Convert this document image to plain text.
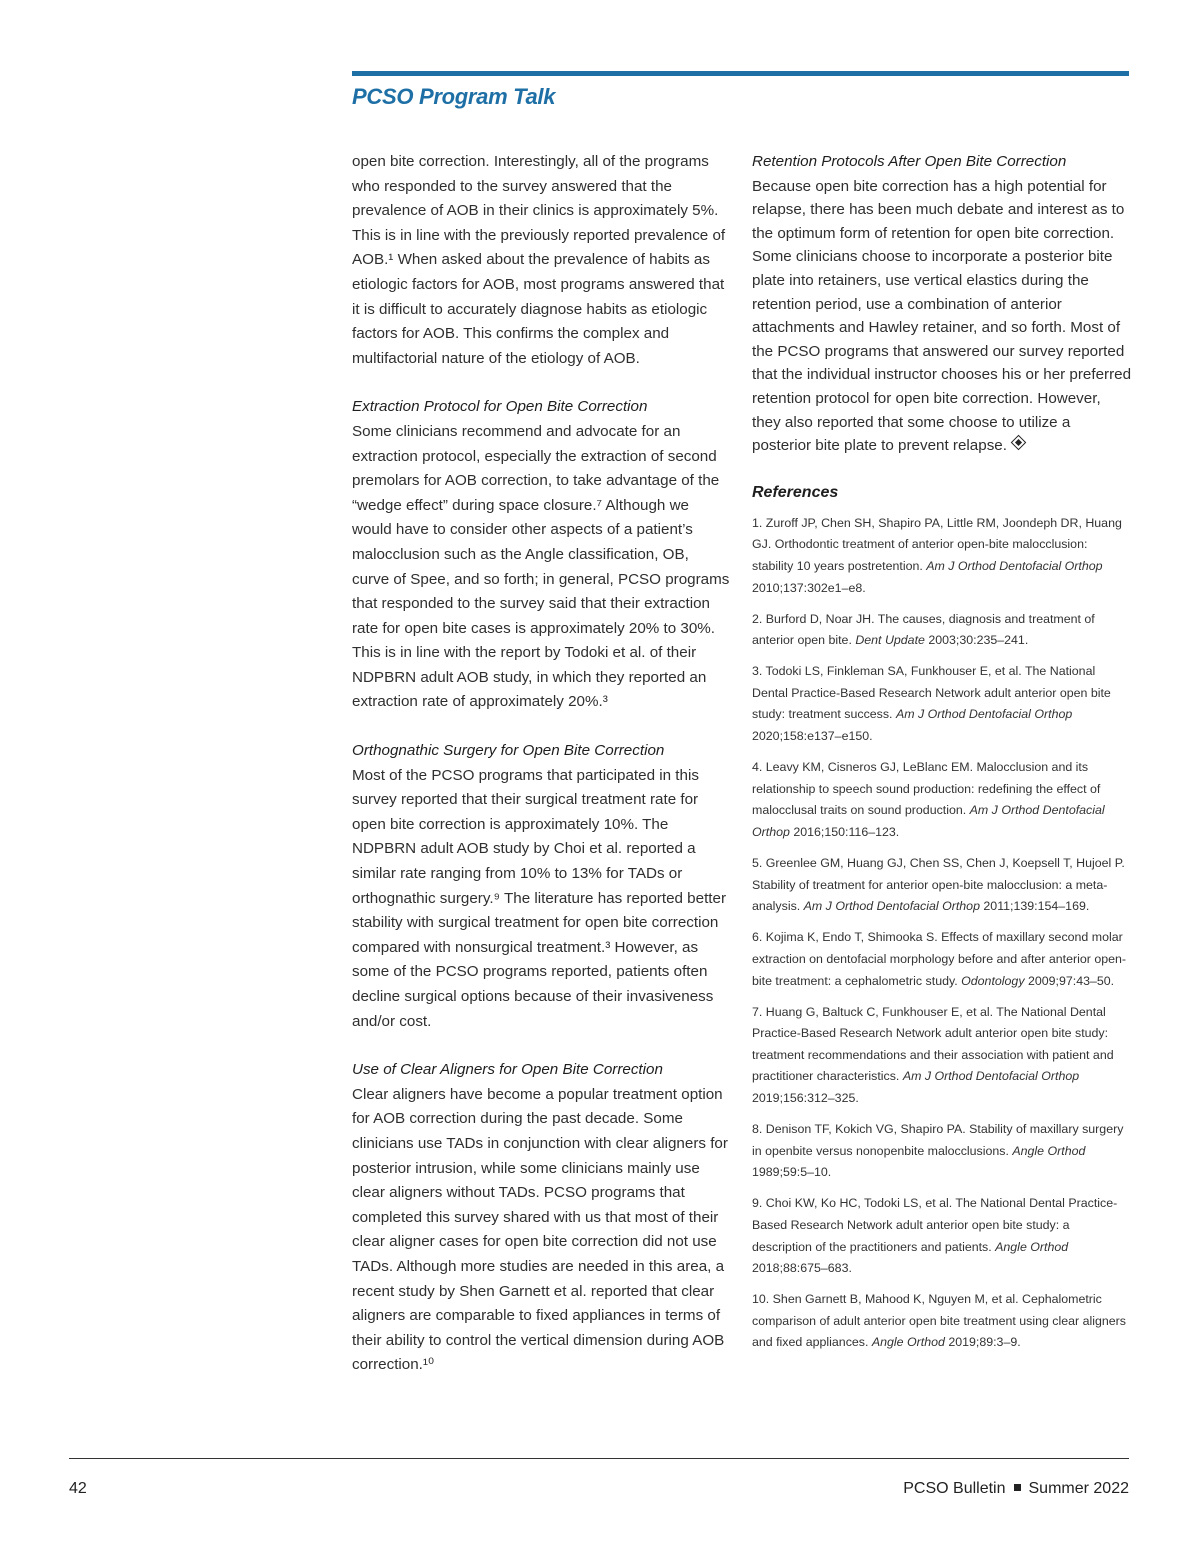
PCSO Program Talk

open bite correction. Interestingly, all of the programs who responded to the survey answered that the prevalence of AOB in their clinics is approximately 5%. This is in line with the previously reported prevalence of AOB.¹ When asked about the prevalence of habits as etiologic factors for AOB, most programs answered that it is difficult to accurately diagnose habits as etiologic factors for AOB. This confirms the complex and multifactorial nature of the etiology of AOB.

Extraction Protocol for Open Bite Correction

Some clinicians recommend and advocate for an extraction protocol, especially the extraction of second premolars for AOB correction, to take advantage of the “wedge effect” during space closure.⁷ Although we would have to consider other aspects of a patient’s malocclusion such as the Angle classification, OB, curve of Spee, and so forth; in general, PCSO programs that responded to the survey said that their extraction rate for open bite cases is approximately 20% to 30%. This is in line with the report by Todoki et al. of their NDPBRN adult AOB study, in which they reported an extraction rate of approximately 20%.³

Orthognathic Surgery for Open Bite Correction

Most of the PCSO programs that participated in this survey reported that their surgical treatment rate for open bite correction is approximately 10%. The NDPBRN adult AOB study by Choi et al. reported a similar rate ranging from 10% to 13% for TADs or orthognathic surgery.⁹ The literature has reported better stability with surgical treatment for open bite correction compared with nonsurgical treatment.³ However, as some of the PCSO programs reported, patients often decline surgical options because of their invasiveness and/or cost.

Use of Clear Aligners for Open Bite Correction

Clear aligners have become a popular treatment option for AOB correction during the past decade. Some clinicians use TADs in conjunction with clear aligners for posterior intrusion, while some clinicians mainly use clear aligners without TADs. PCSO programs that completed this survey shared with us that most of their clear aligner cases for open bite correction did not use TADs. Although more studies are needed in this area, a recent study by Shen Garnett et al. reported that clear aligners are comparable to fixed appliances in terms of their ability to control the vertical dimension during AOB correction.¹⁰

Retention Protocols After Open Bite Correction

Because open bite correction has a high potential for relapse, there has been much debate and interest as to the optimum form of retention for open bite correction. Some clinicians choose to incorporate a posterior bite plate into retainers, use vertical elastics during the retention period, use a combination of anterior attachments and Hawley retainer, and so forth. Most of the PCSO programs that answered our survey reported that the individual instructor chooses his or her preferred retention protocol for open bite correction. However, they also reported that some choose to utilize a posterior bite plate to prevent relapse.

References
1. Zuroff JP, Chen SH, Shapiro PA, Little RM, Joondeph DR, Huang GJ. Orthodontic treatment of anterior open-bite malocclusion: stability 10 years postretention. Am J Orthod Dentofacial Orthop 2010;137:302e1–e8.
2. Burford D, Noar JH. The causes, diagnosis and treatment of anterior open bite. Dent Update 2003;30:235–241.
3. Todoki LS, Finkleman SA, Funkhouser E, et al. The National Dental Practice-Based Research Network adult anterior open bite study: treatment success. Am J Orthod Dentofacial Orthop 2020;158:e137–e150.
4. Leavy KM, Cisneros GJ, LeBlanc EM. Malocclusion and its relationship to speech sound production: redefining the effect of malocclusal traits on sound production. Am J Orthod Dentofacial Orthop 2016;150:116–123.
5. Greenlee GM, Huang GJ, Chen SS, Chen J, Koepsell T, Hujoel P. Stability of treatment for anterior open-bite malocclusion: a meta-analysis. Am J Orthod Dentofacial Orthop 2011;139:154–169.
6. Kojima K, Endo T, Shimooka S. Effects of maxillary second molar extraction on dentofacial morphology before and after anterior open-bite treatment: a cephalometric study. Odontology 2009;97:43–50.
7. Huang G, Baltuck C, Funkhouser E, et al. The National Dental Practice-Based Research Network adult anterior open bite study: treatment recommendations and their association with patient and practitioner characteristics. Am J Orthod Dentofacial Orthop 2019;156:312–325.
8. Denison TF, Kokich VG, Shapiro PA. Stability of maxillary surgery in openbite versus nonopenbite malocclusions. Angle Orthod 1989;59:5–10.
9. Choi KW, Ko HC, Todoki LS, et al. The National Dental Practice-Based Research Network adult anterior open bite study: a description of the practitioners and patients. Angle Orthod 2018;88:675–683.
10. Shen Garnett B, Mahood K, Nguyen M, et al. Cephalometric comparison of adult anterior open bite treatment using clear aligners and fixed appliances. Angle Orthod 2019;89:3–9.
42	PCSO Bulletin Summer 2022
